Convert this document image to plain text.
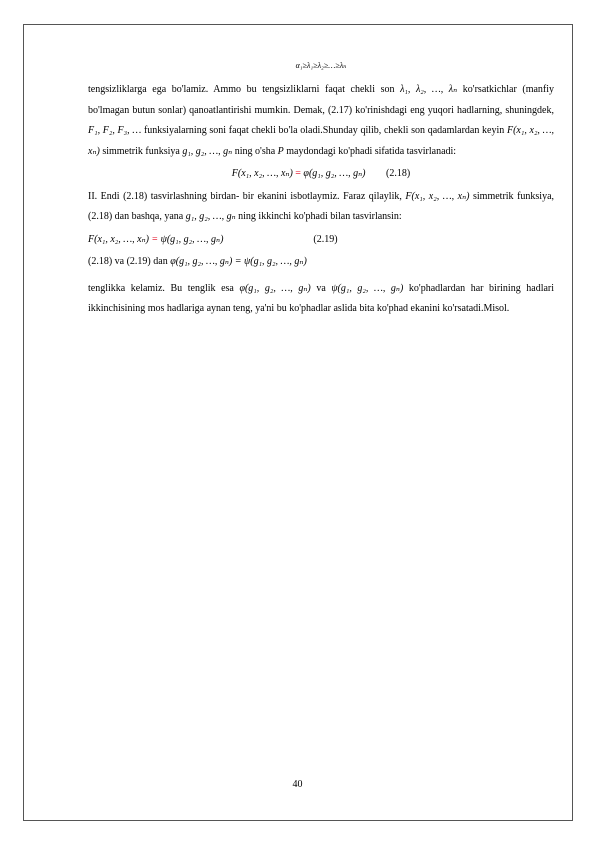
α₁≥λ₁≥λ₂≥…≥λₙ

tengsizliklarga ega bo'lamiz. Ammo bu tengsizliklarni faqat chekli son λ₁, λ₂, …, λₙ ko'rsatkichlar (manfiy bo'lmagan butun sonlar) qanoatlantirishi mumkin. Demak, (2.17) ko'rinishdagi eng yuqori hadlarning, shuningdek, F₁, F₂, F₃, … funksiyalarning soni faqat chekli bo'la oladi.Shunday qilib, chekli son qadamlardan keyin F(x₁, x₂, …, xₙ) simmetrik funksiya g₁, g₂, …, gₙ ning o'sha P maydondagi ko'phadi sifatida tasvirlanadi:

F(x₁, x₂, …, xₙ) = φ(g₁, g₂, …, gₙ) (2.18)

II. Endi (2.18) tasvirlashning birdan- bir ekanini isbotlaymiz. Faraz qilaylik, F(x₁, x₂, …, xₙ) simmetrik funksiya, (2.18) dan bashqa, yana g₁, g₂, …, gₙ ning ikkinchi ko'phadi bilan tasvirlansin:

F(x₁, x₂, …, xₙ) = ψ(g₁, g₂, …, gₙ)	(2.19)

(2.18) va (2.19) dan φ(g₁, g₂, …, gₙ) = ψ(g₁, g₂, …, gₙ)

tenglikka kelamiz. Bu tenglik esa φ(g₁, g₂, …, gₙ) va ψ(g₁, g₂, …, gₙ) ko'phadlardan har birining hadlari ikkinchisining mos hadlariga aynan teng, ya'ni bu ko'phadlar aslida bita ko'phad ekanini ko'rsatadi.Misol.

40
